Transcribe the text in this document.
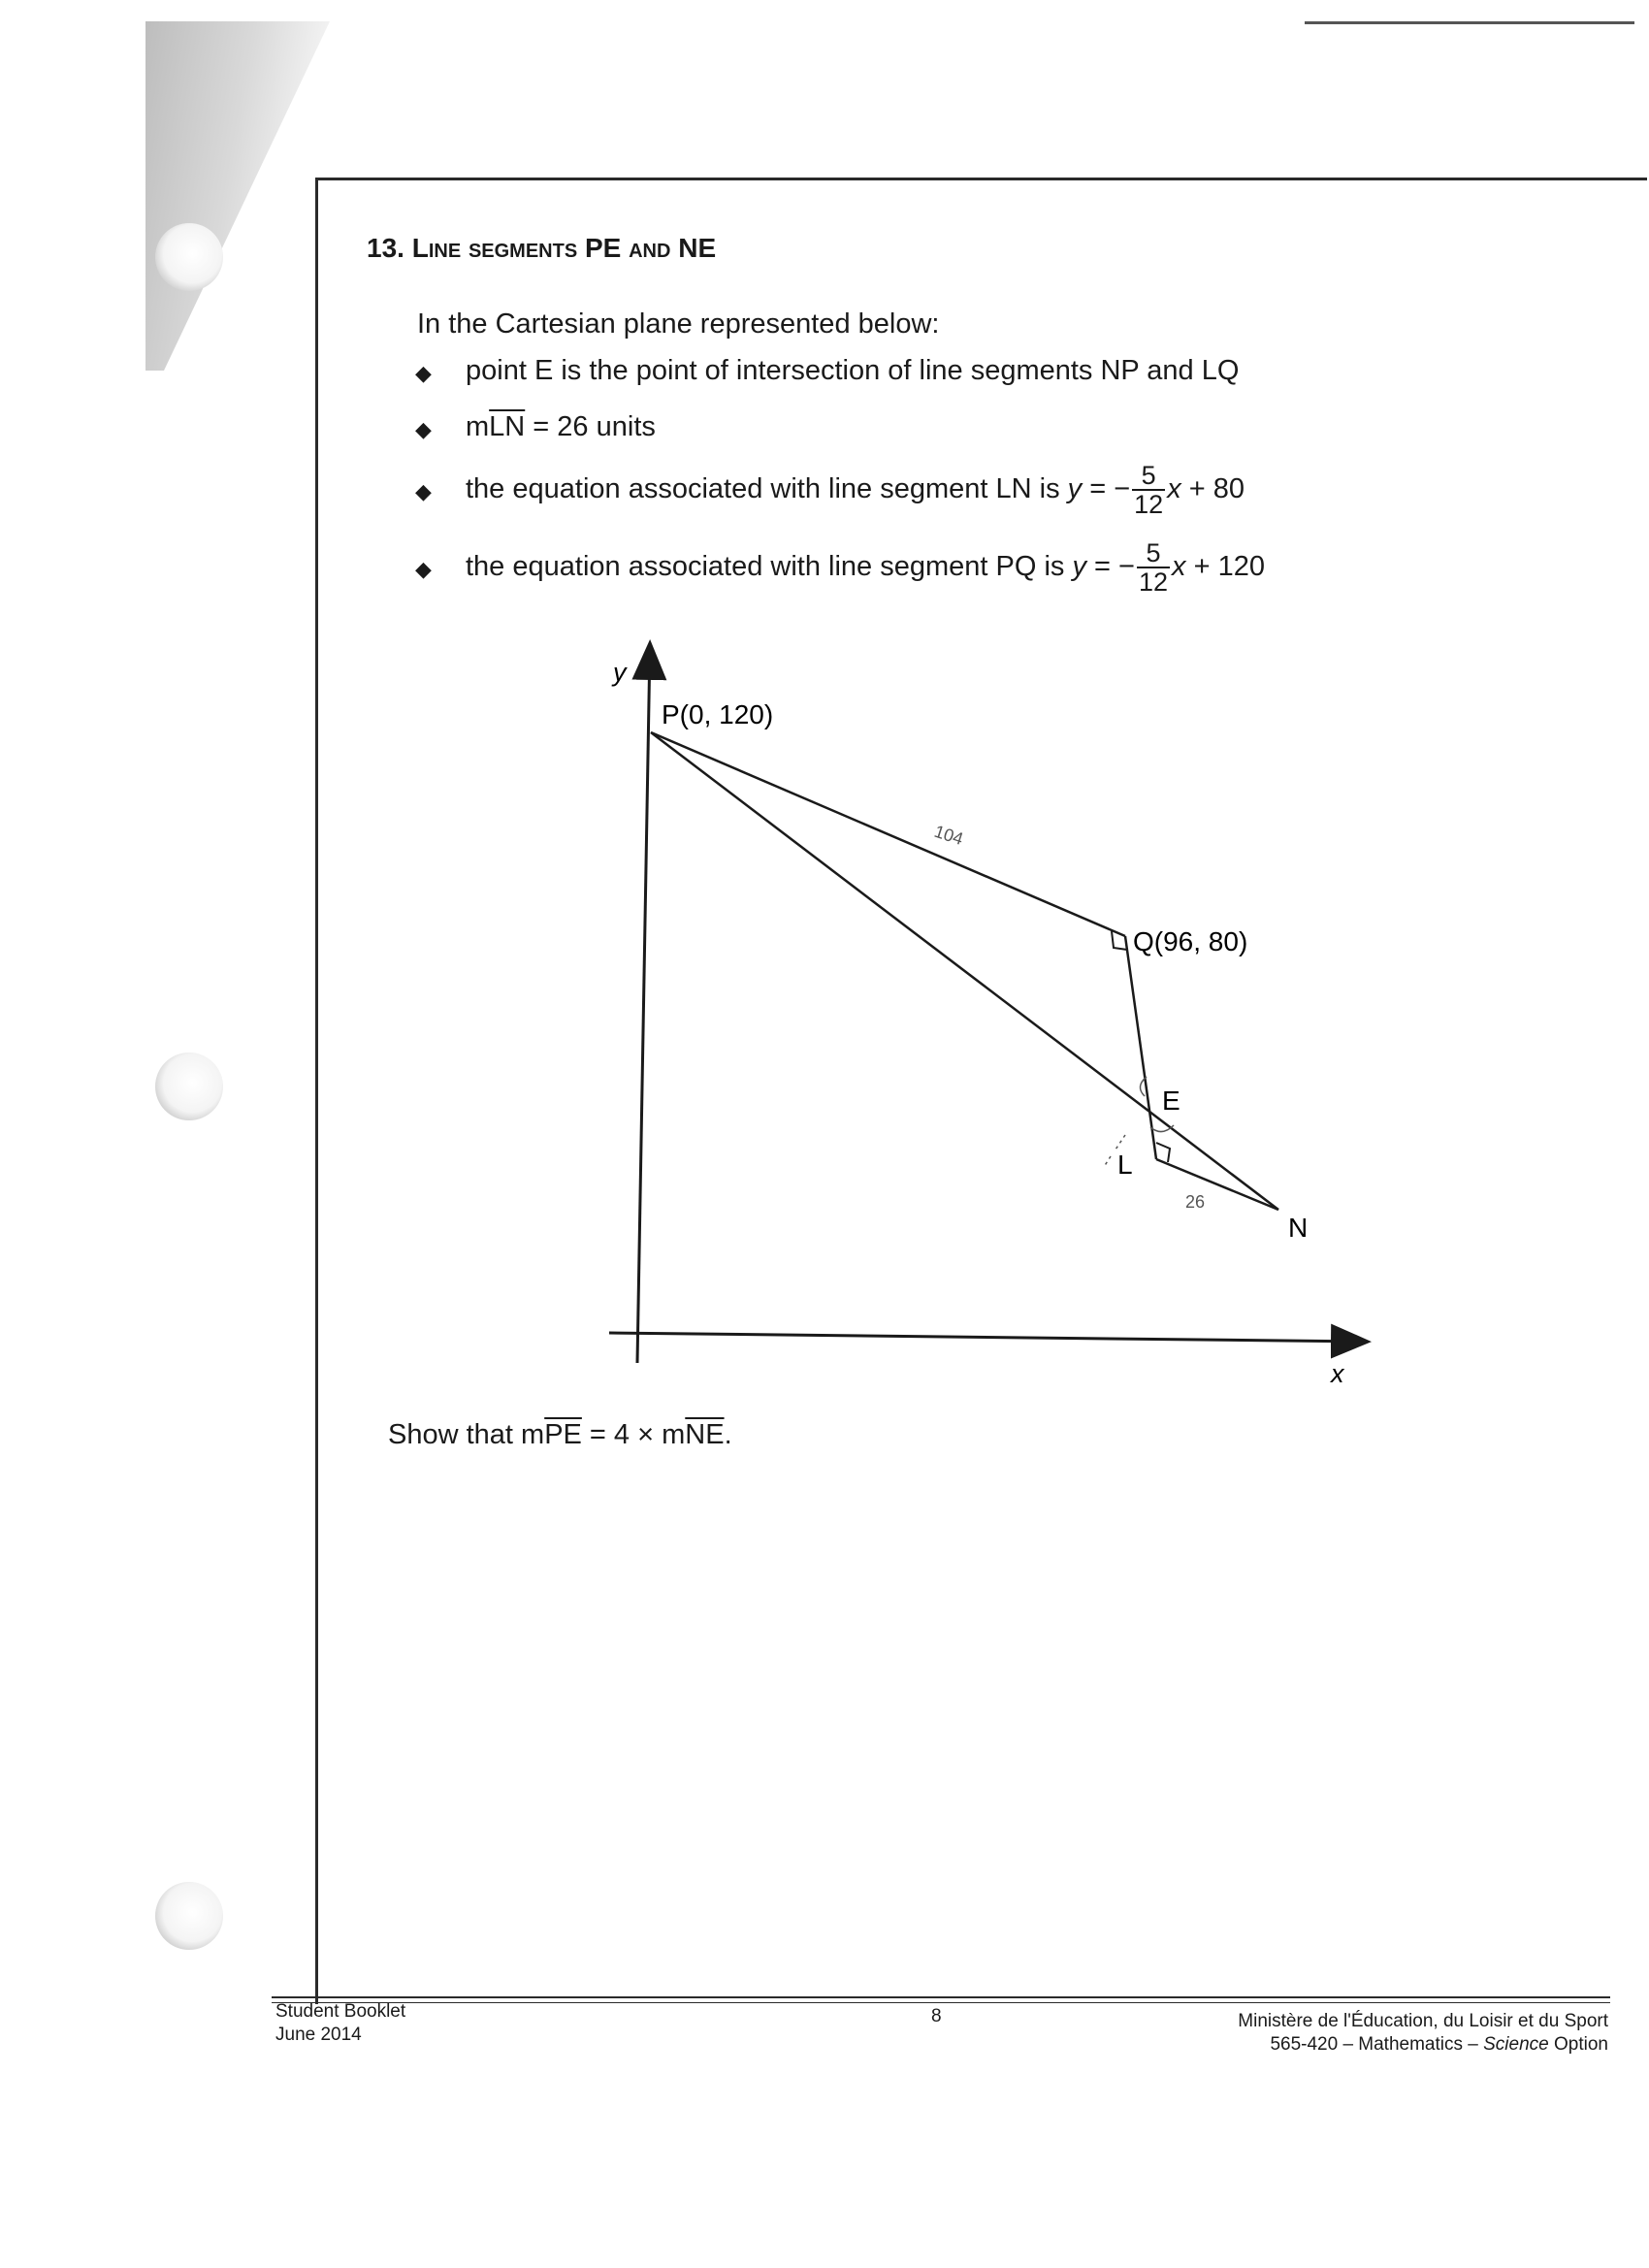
13. Line segments PE and NE
In the Cartesian plane represented below:
◆ point E is the point of intersection of line segments NP and LQ
◆ $m\overline{LN} = 26$ units
◆ the equation associated with line segment LN is y = − $\frac{5}{12}$ x + 80
◆ the equation associated with line segment PQ is y = − $\frac{5}{12}$ x + 120
y
x
P(0, 120)
Q(96, 80)
E
L
N
104
26
Show that $m\overline{PE} = 4 \times m\overline{NE}$.
Student Booklet
June 2014
8	Ministère de l'Éducation, du Loisir et du Sport
565-420 – Mathematics – Science Option
